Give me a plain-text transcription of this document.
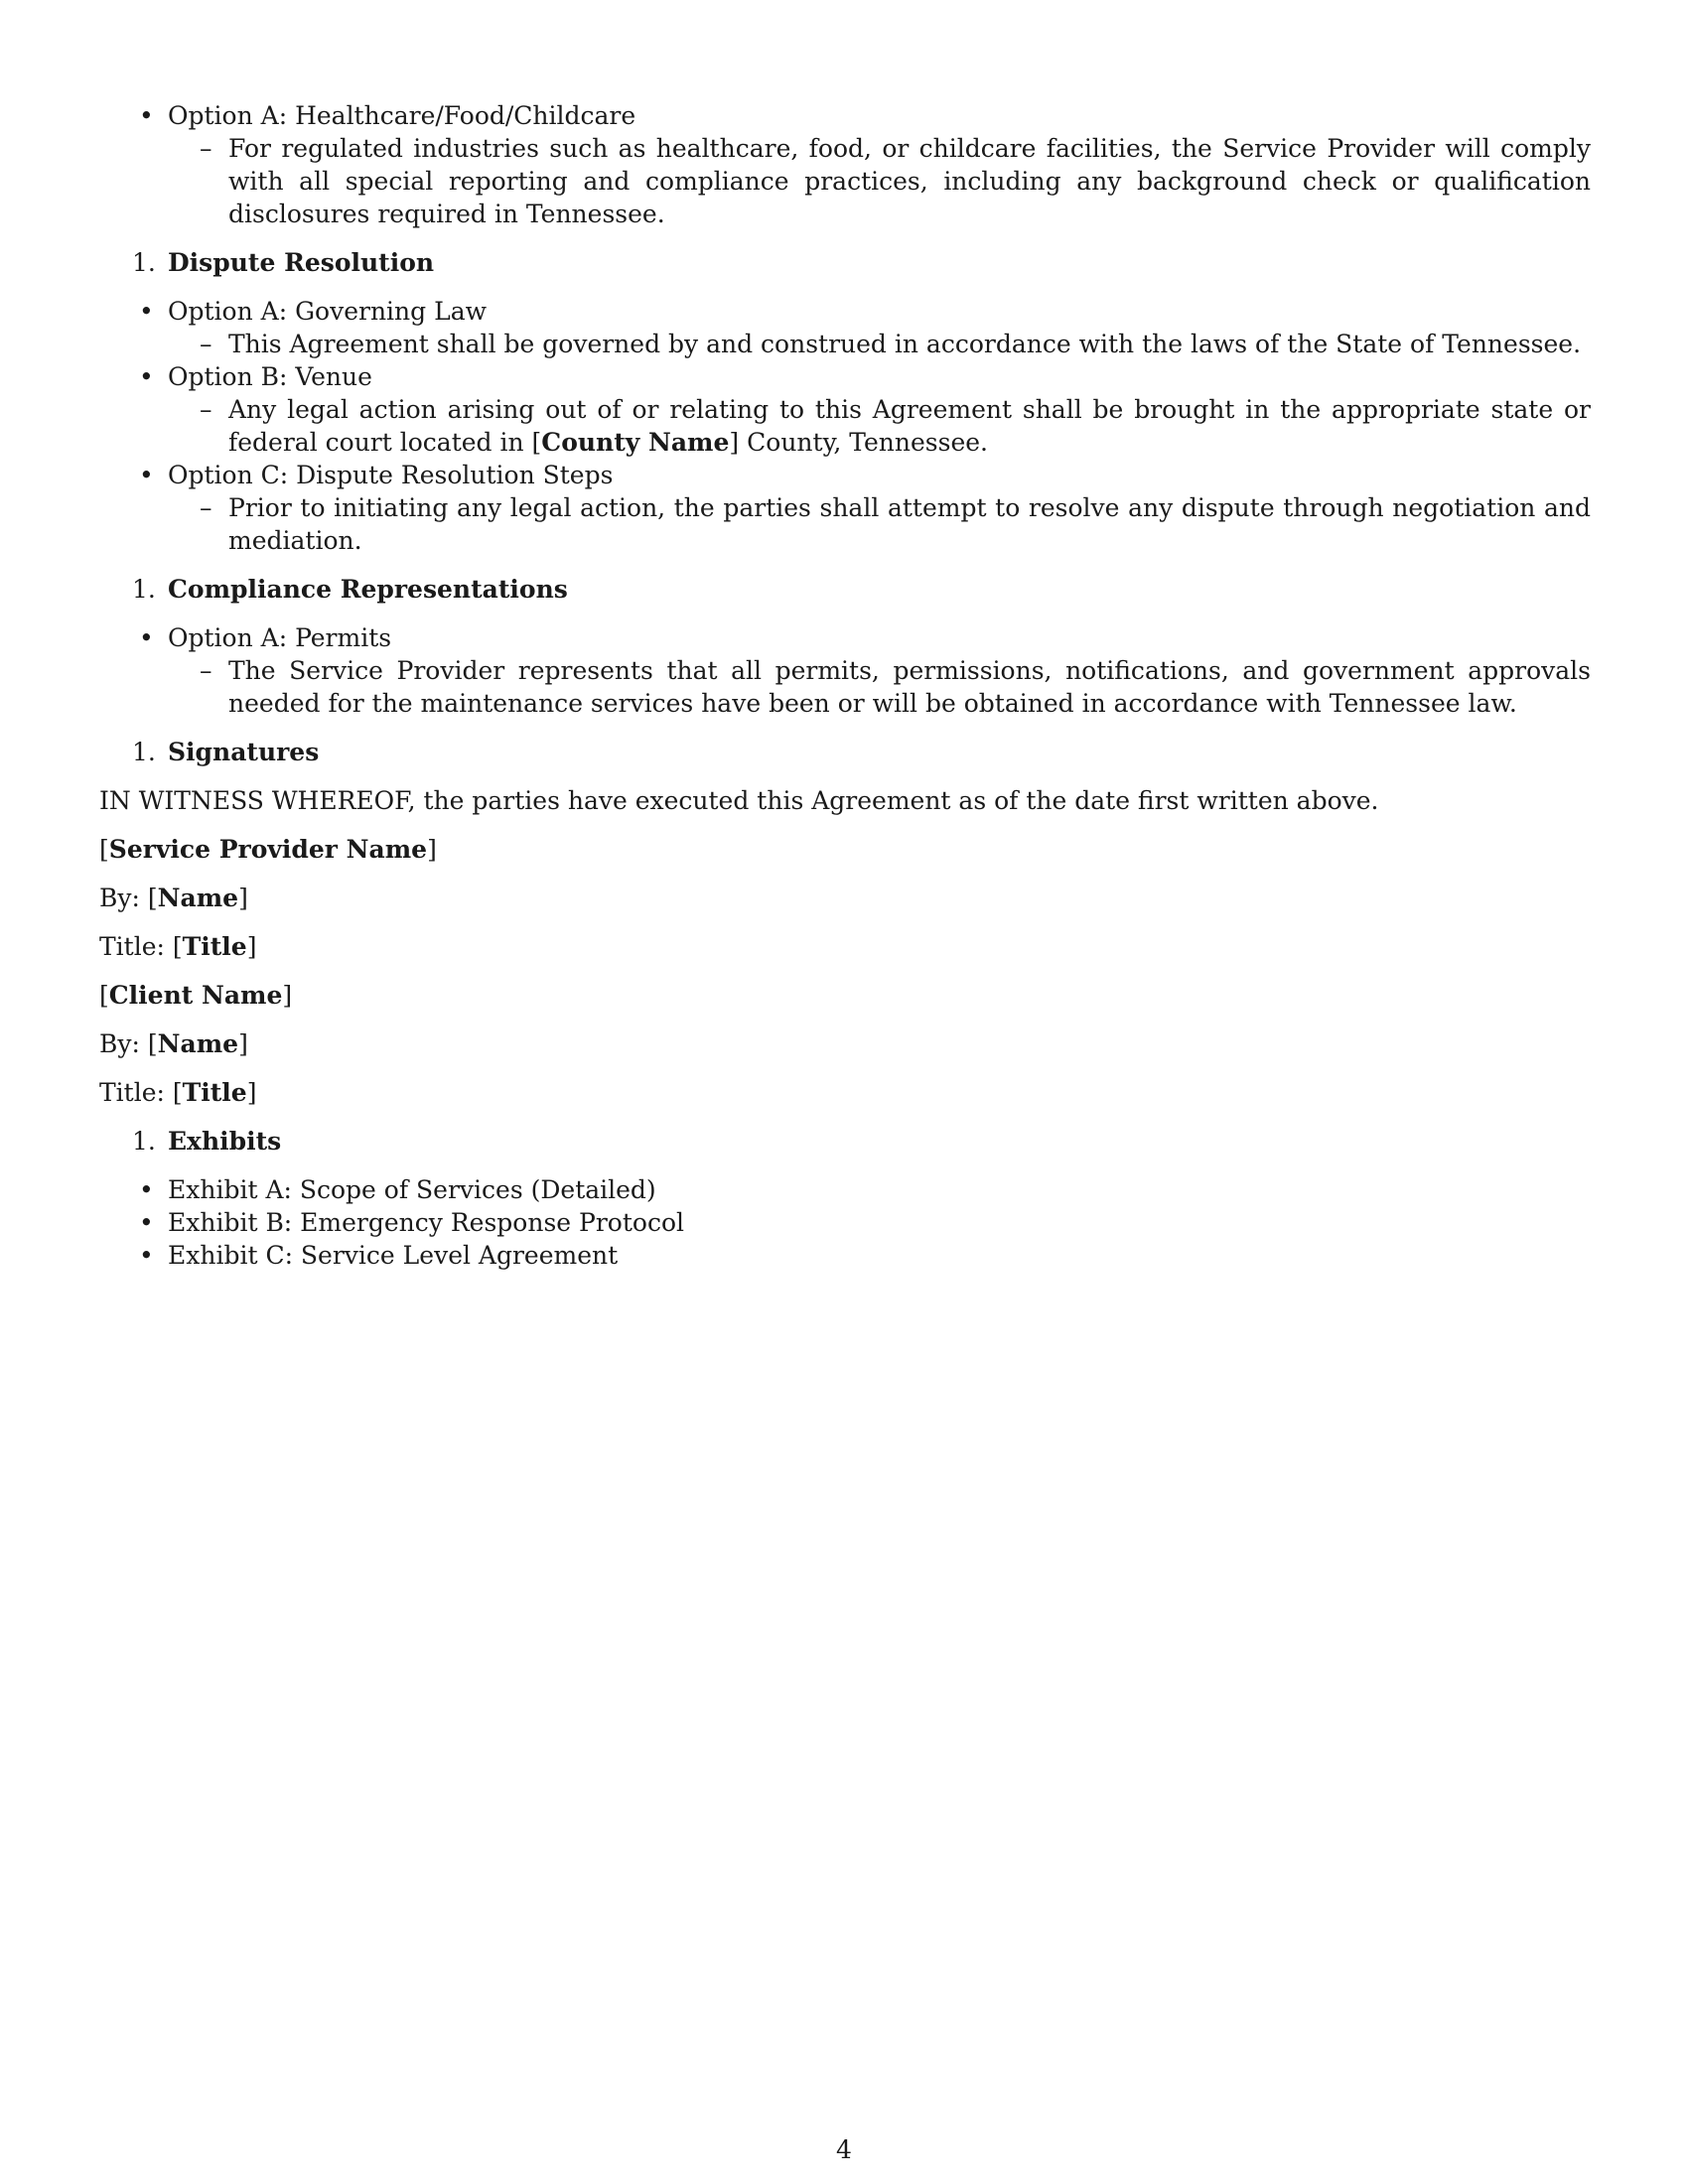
• Option A: Healthcare/Food/Childcare
– For regulated industries such as healthcare, food, or childcare facilities, the Service Provider will comply with all special reporting and compliance practices, including any background check or qualification disclosures required in Tennessee.
1. Dispute Resolution
• Option A: Governing Law
– This Agreement shall be governed by and construed in accordance with the laws of the State of Tennessee.
• Option B: Venue
– Any legal action arising out of or relating to this Agreement shall be brought in the appropriate state or federal court located in [County Name] County, Tennessee.
• Option C: Dispute Resolution Steps
– Prior to initiating any legal action, the parties shall attempt to resolve any dispute through negotiation and mediation.
1. Compliance Representations
• Option A: Permits
– The Service Provider represents that all permits, permissions, notifications, and government approvals needed for the maintenance services have been or will be obtained in accordance with Tennessee law.
1. Signatures
IN WITNESS WHEREOF, the parties have executed this Agreement as of the date first written above.
[Service Provider Name]
By: [Name]
Title: [Title]
[Client Name]
By: [Name]
Title: [Title]
1. Exhibits
• Exhibit A: Scope of Services (Detailed)
• Exhibit B: Emergency Response Protocol
• Exhibit C: Service Level Agreement
4
